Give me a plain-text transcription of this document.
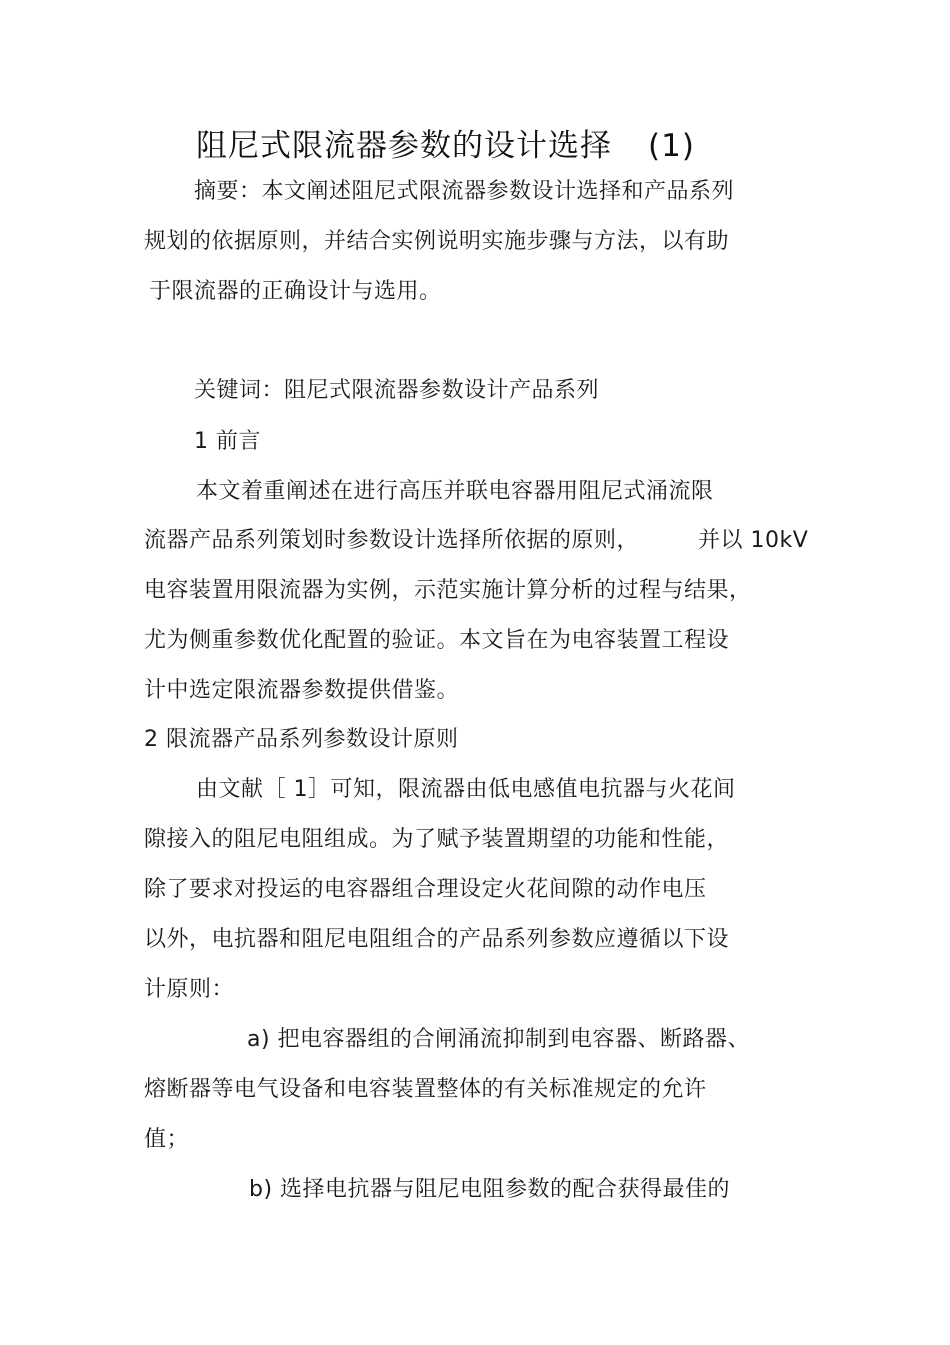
阻尼式限流器参数的设计选择 (1)
摘要：本文阐述阻尼式限流器参数设计选择和产品系列
规划的依据原则，并结合实例说明实施步骤与方法，以有助
于限流器的正确设计与选用。
关键词：阻尼式限流器参数设计产品系列
1 前言
本文着重阐述在进行高压并联电容器用阻尼式涌流限
流器产品系列策划时参数设计选择所依据的原则，	并以 10kV
电容装置用限流器为实例，示范实施计算分析的过程与结果，
尤为侧重参数优化配置的验证。本文旨在为电容装置工程设
计中选定限流器参数提供借鉴。
2 限流器产品系列参数设计原则
由文献［ 1］可知，限流器由低电感值电抗器与火花间
隙接入的阻尼电阻组成。为了赋予装置期望的功能和性能，
除了要求对投运的电容器组合理设定火花间隙的动作电压
以外，电抗器和阻尼电阻组合的产品系列参数应遵循以下设
计原则：
a) 把电容器组的合闸涌流抑制到电容器、断路器、
熔断器等电气设备和电容装置整体的有关标准规定的允许
值；
b) 选择电抗器与阻尼电阻参数的配合获得最佳的
